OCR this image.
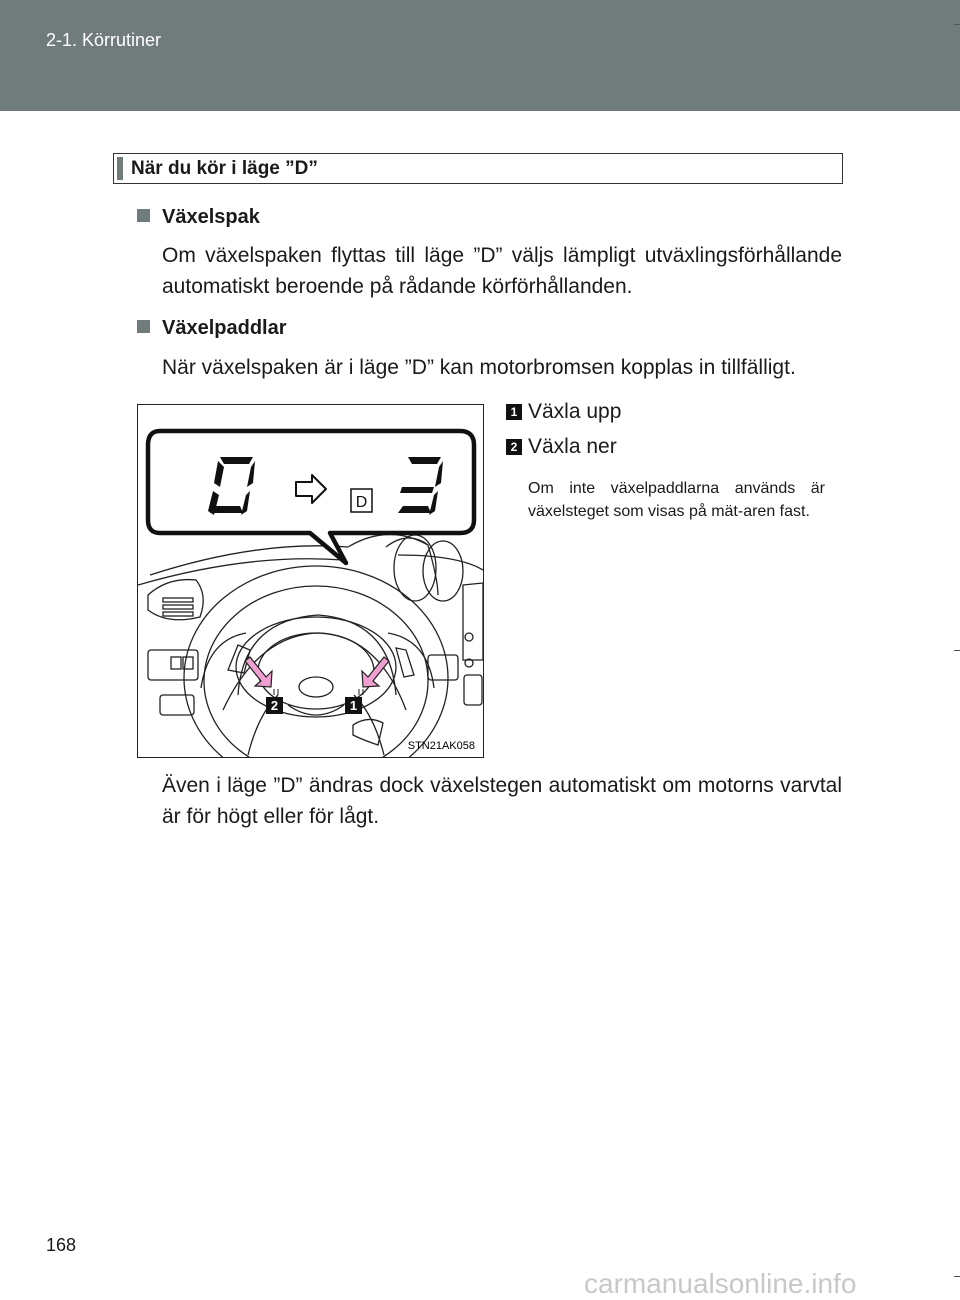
2-1. Körrutiner
När du kör i läge ”D”
Växelspak
Om växelspaken flyttas till läge ”D” väljs lämpligt utväxlingsförhållande automatiskt beroende på rådande körförhållanden.
Växelpaddlar
När växelspaken är i läge ”D” kan motorbromsen kopplas in tillfälligt.
2	1
D
STN21AK058
1 Växla upp
2 Växla ner
Om inte växelpaddlarna används är växelsteget som visas på mät-aren fast.
Även i läge ”D” ändras dock växelstegen automatiskt om motorns varvtal är för högt eller för lågt.
168
carmanualsonline.info
